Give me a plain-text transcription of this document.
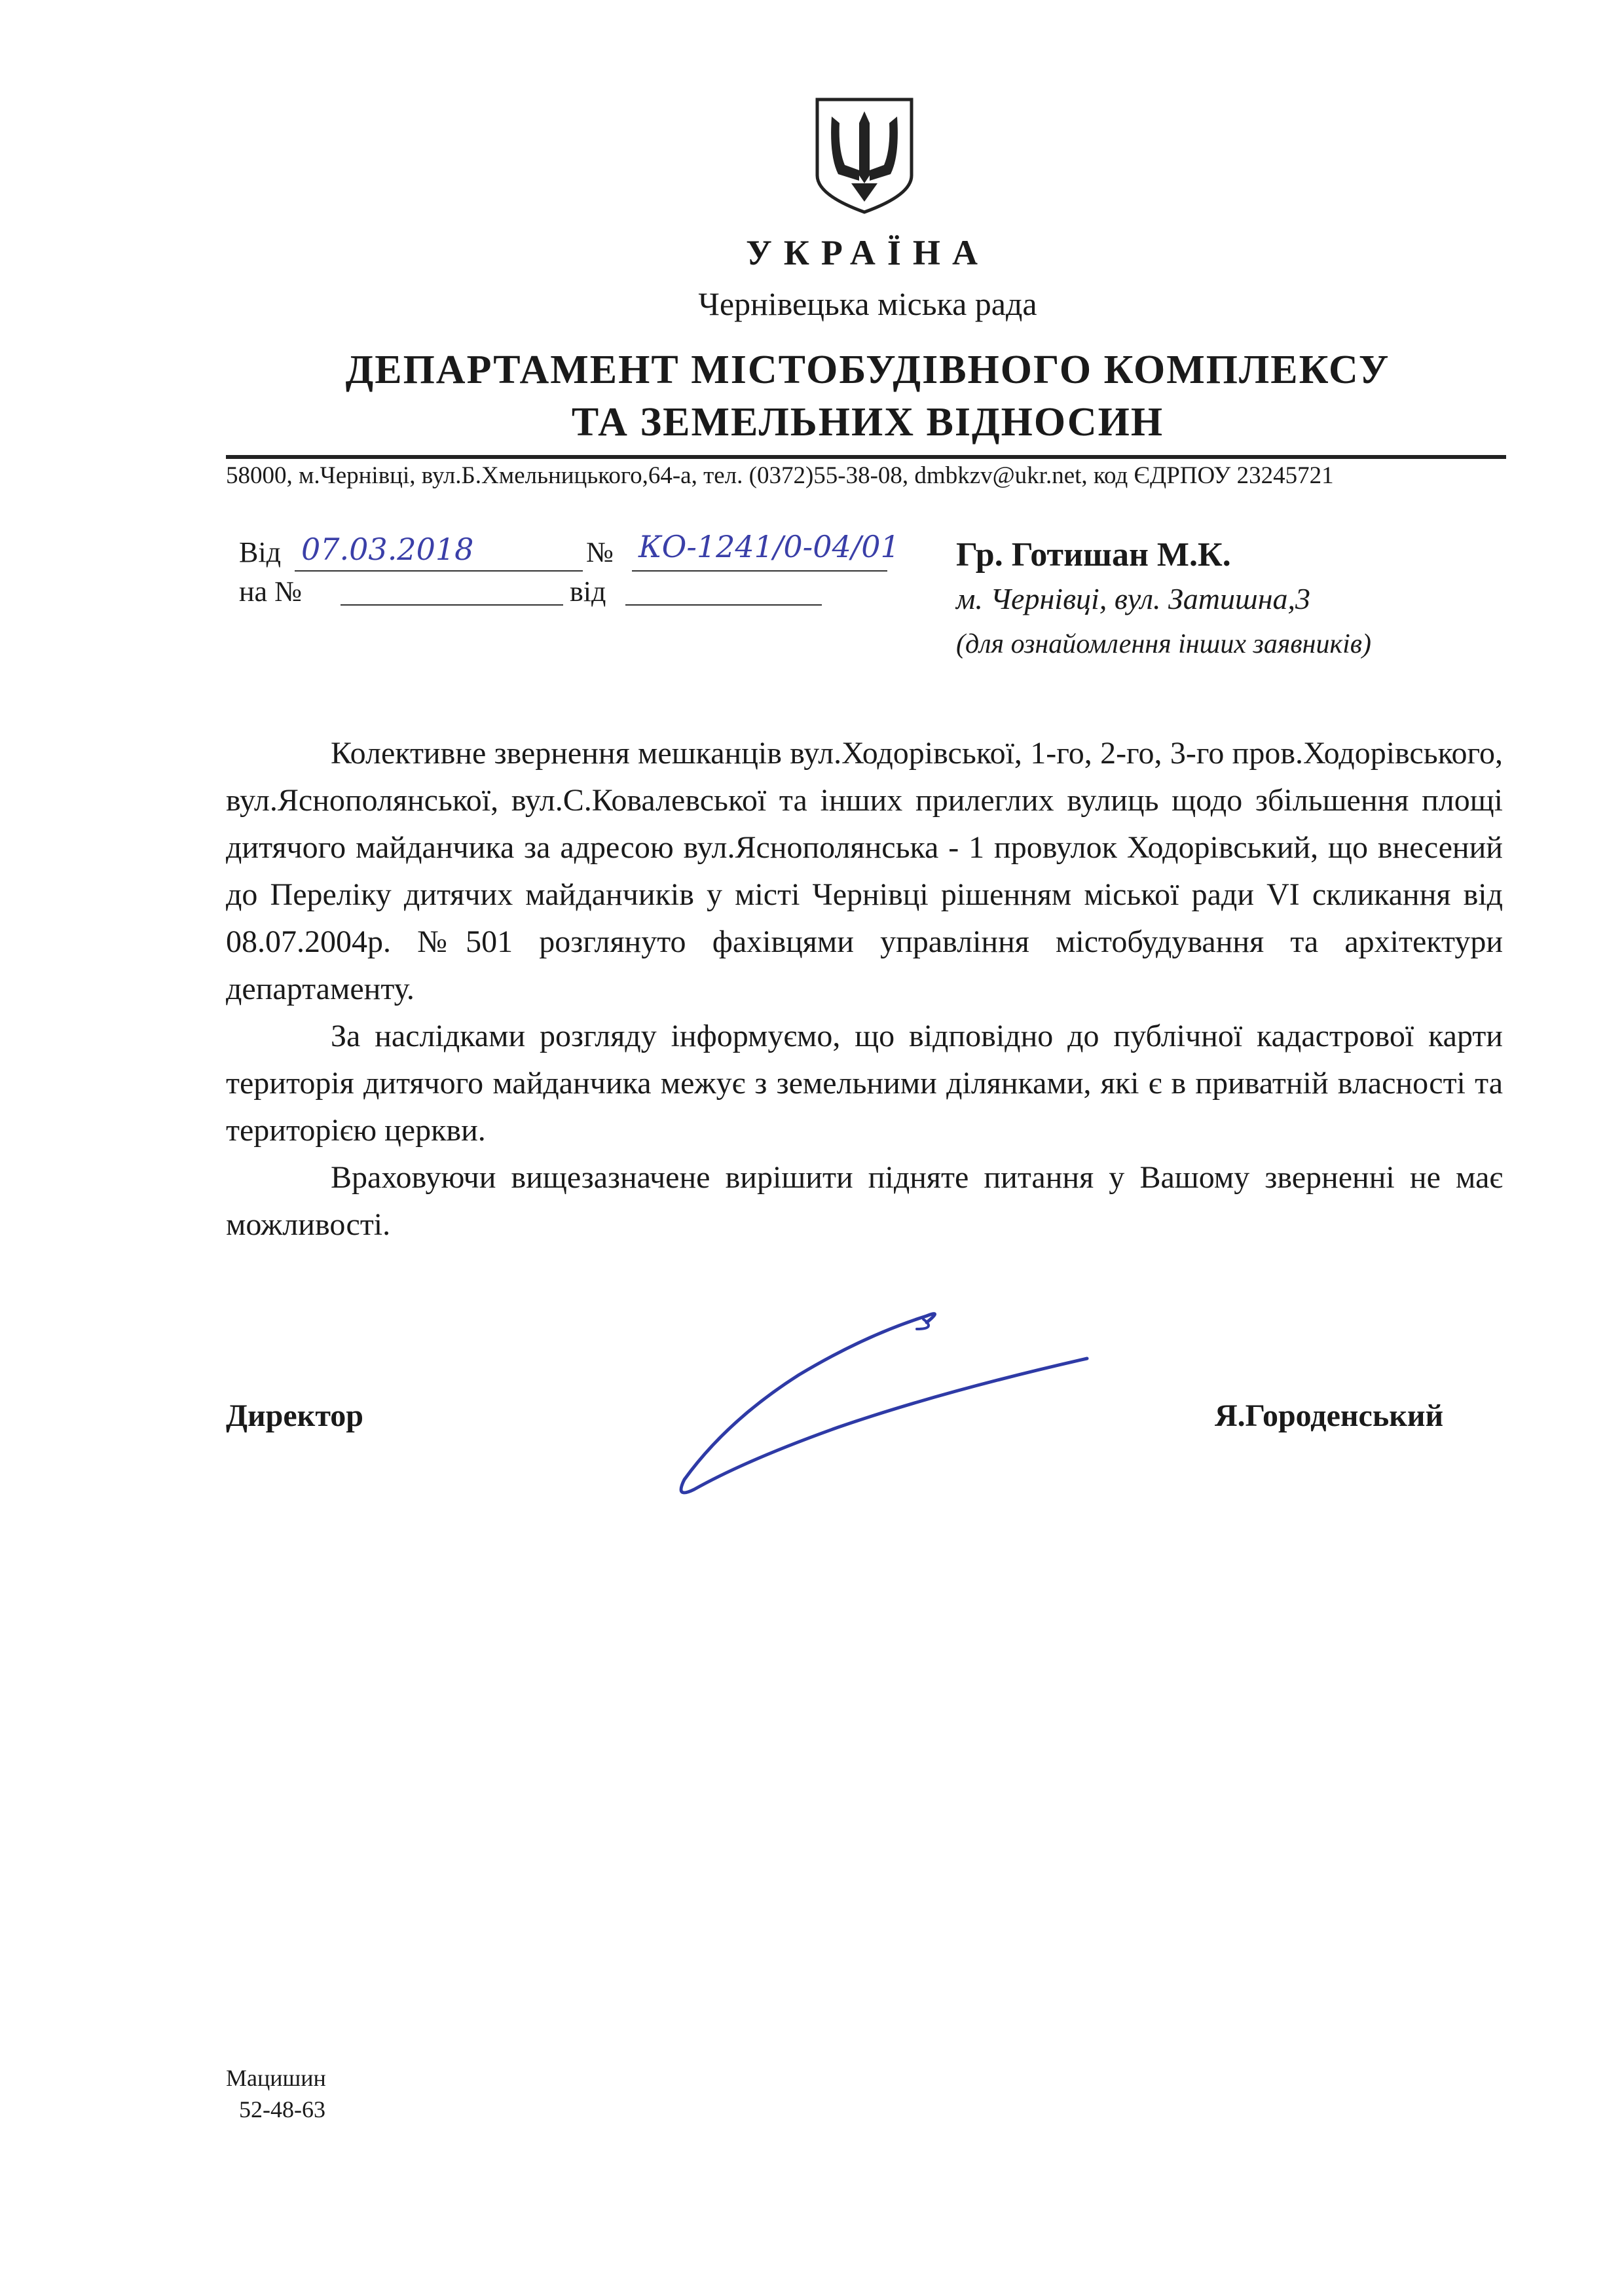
УКРАЇНА
Чернівецька міська рада
ДЕПАРТАМЕНТ МІСТОБУДІВНОГО КОМПЛЕКСУ
ТА ЗЕМЕЛЬНИХ ВІДНОСИН
58000, м.Чернівці, вул.Б.Хмельницького,64-а, тел. (0372)55-38-08, dmbkzv@ukr.net, код ЄДРПОУ 23245721
Від 07.03.2018	№ КО-1241/0-04/01
на №	від
Гр. Готишан М.К.
м. Чернівці, вул. Затишна,3
(для ознайомлення інших заявників)

Колективне звернення мешканців вул.Ходорівської, 1-го, 2-го, 3-го пров.Ходорівського, вул.Яснополянської, вул.С.Ковалевської та інших прилеглих вулиць щодо збільшення площі дитячого майданчика за адресою вул.Яснополянська - 1 провулок Ходорівський, що внесений до Переліку дитячих майданчиків у місті Чернівці рішенням міської ради VI скликання від 08.07.2004р. №501 розглянуто фахівцями управління містобудування та архітектури департаменту.

За наслідками розгляду інформуємо, що відповідно до публічної кадастрової карти територія дитячого майданчика межує з земельними ділянками, які є в приватній власності та територією церкви.

Враховуючи вищезазначене вирішити підняте питання у Вашому зверненні не має можливості.

Директор	Я.Городенський
Мацишин
52-48-63
